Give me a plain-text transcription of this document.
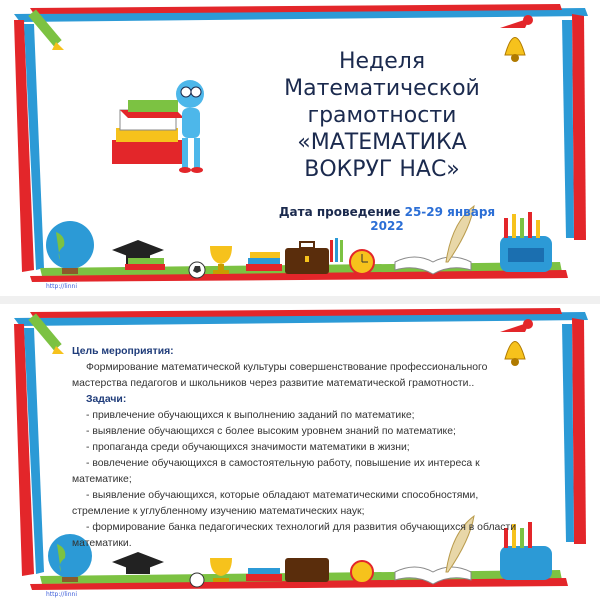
Неделя
Математической
грамотности
«МАТЕМАТИКА
ВОКРУГ НАС»
Дата проведение 25-29 января 2022
http://linni
Цель мероприятия:
Формирование математической культуры совершенствование профессионального мастерства педагогов и школьников через развитие математической грамотности..
Задачи:
- привлечение обучающихся к выполнению заданий по математике;
- выявление обучающихся с более высоким уровнем знаний по математике;
- пропаганда среди обучающихся значимости математики в жизни;
- вовлечение обучающихся в самостоятельную работу, повышение их интереса к математике;
- выявление обучающихся, которые обладают математическими способностями, стремление к углубленному изучению математических наук;
- формирование банка педагогических технологий для развития обучающихся в области математики.
http://linni
